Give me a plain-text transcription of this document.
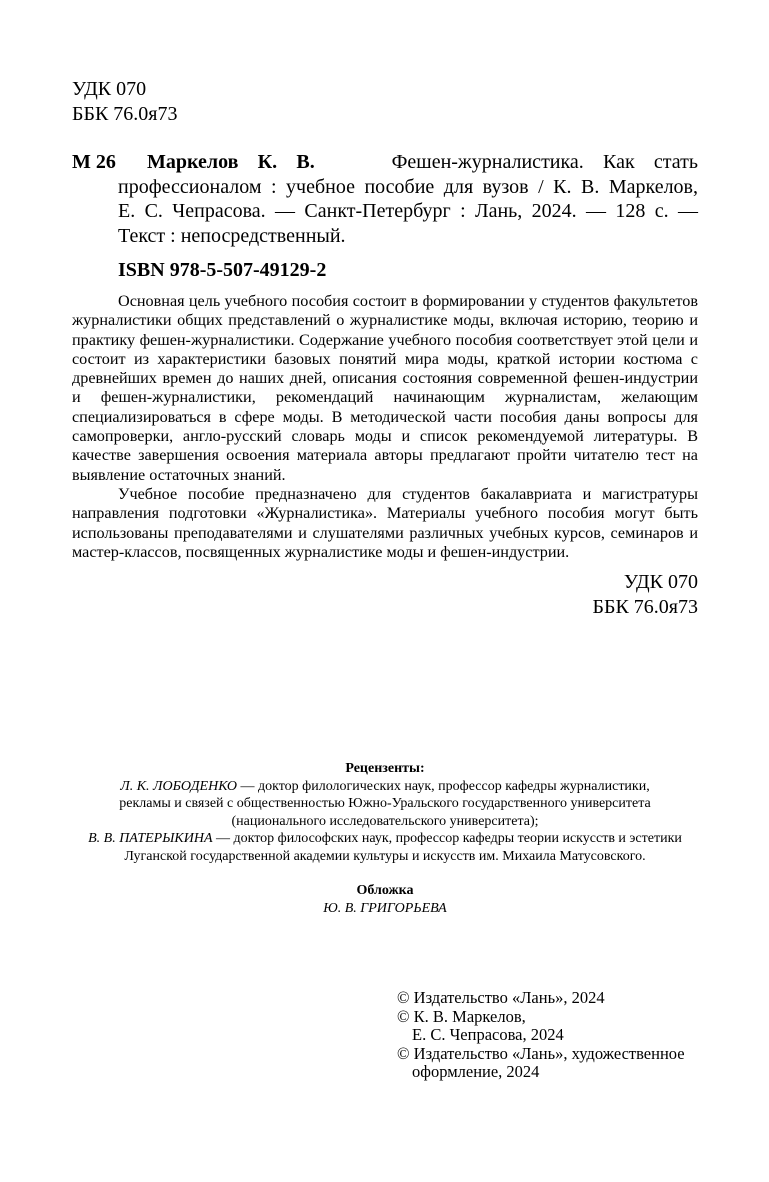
УДК 070
ББК 76.0я73
М 26	Маркелов К. В.	Фешен-журналистика. Как стать
профессионалом : учебное пособие для вузов / К. В. Маркелов,
Е. С. Чепрасова. — Санкт-Петербург : Лань, 2024. — 128 с. —
Текст : непосредственный.
ISBN 978-5-507-49129-2

Основная цель учебного пособия состоит в формировании у студентов факультетов журналистики общих представлений о журналистике моды, включая историю, теорию и практику фешен-журналистики. Содержание учебного пособия соответствует этой цели и состоит из характеристики базовых понятий мира моды, краткой истории костюма с древнейших времен до наших дней, описания состояния современной фешен-индустрии и фешен-журналистики, рекомендаций начинающим журналистам, желающим специализироваться в сфере моды. В методической части пособия даны вопросы для самопроверки, англо-русский словарь моды и список рекомендуемой литературы. В качестве завершения освоения материала авторы предлагают пройти читателю тест на выявление остаточных знаний.

Учебное пособие предназначено для студентов бакалавриата и магистратуры направления подготовки «Журналистика». Материалы учебного пособия могут быть использованы преподавателями и слушателями различных учебных курсов, семинаров и мастер-классов, посвященных журналистике моды и фешен-индустрии.

УДК 070
ББК 76.0я73
Рецензенты:
Л. К. ЛОБОДЕНКО — доктор филологических наук, профессор кафедры журналистики,
рекламы и связей с общественностью Южно-Уральского государственного университета
(национального исследовательского университета);
В. В. ПАТЕРЫКИНА — доктор философских наук, профессор кафедры теории искусств и эстетики
Луганской государственной академии культуры и искусств им. Михаила Матусовского.
Обложка
Ю. В. ГРИГОРЬЕВА
© Издательство «Лань», 2024
© К. В. Маркелов,
Е. С. Чепрасова, 2024
© Издательство «Лань», художественное
оформление, 2024
